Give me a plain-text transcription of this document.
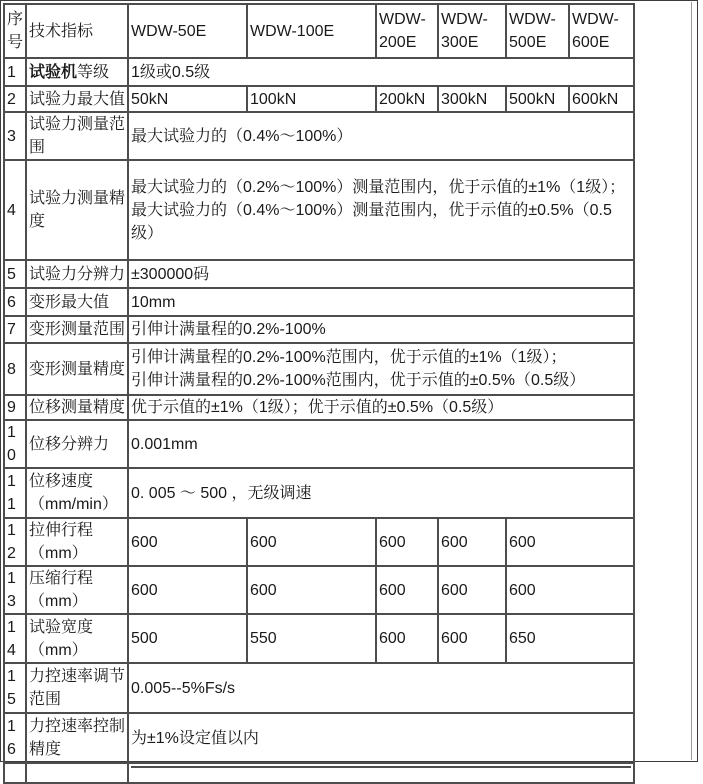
序号	技术指标	WDW-50E	WDW-100E	WDW-200E	WDW-300E	WDW-500E	WDW-600E
1	试验机等级	1级或0.5级					
2	试验力最大值	50kN	100kN	200kN	300kN	500kN	600kN
3	试验力测量范围	最大试验力的（0.4%～100%）					
4	试验力测量精度	最大试验力的（0.2%～100%）测量范围内，优于示值的±1%（1级）；
最大试验力的（0.4%～100%）测量范围内，优于示值的±0.5%（0.5级）					

5	试验力分辨力	±300000码					
6	变形最大值	10mm					
7	变形测量范围	引伸计满量程的0.2%-100%					
8	变形测量精度	引伸计满量程的0.2%-100%范围内，优于示值的±1%（1级）；
引伸计满量程的0.2%-100%范围内，优于示值的±0.5%（0.5级）					

9	位移测量精度	优于示值的±1%（1级）；优于示值的±0.5%（0.5级）					
10	位移分辨力	0.001mm					
11	位移速度（mm/min）	0. 005 ～ 500 ，无级调速					
12	拉伸行程（mm）	600	600	600	600	600	
13	压缩行程（mm）	600	600	600	600	600	
14	试验宽度（mm）	500	550	600	600	650	
15	力控速率调节范围	0.005--5%Fs/s					
16	力控速率控制精度	为±1%设定值以内					
